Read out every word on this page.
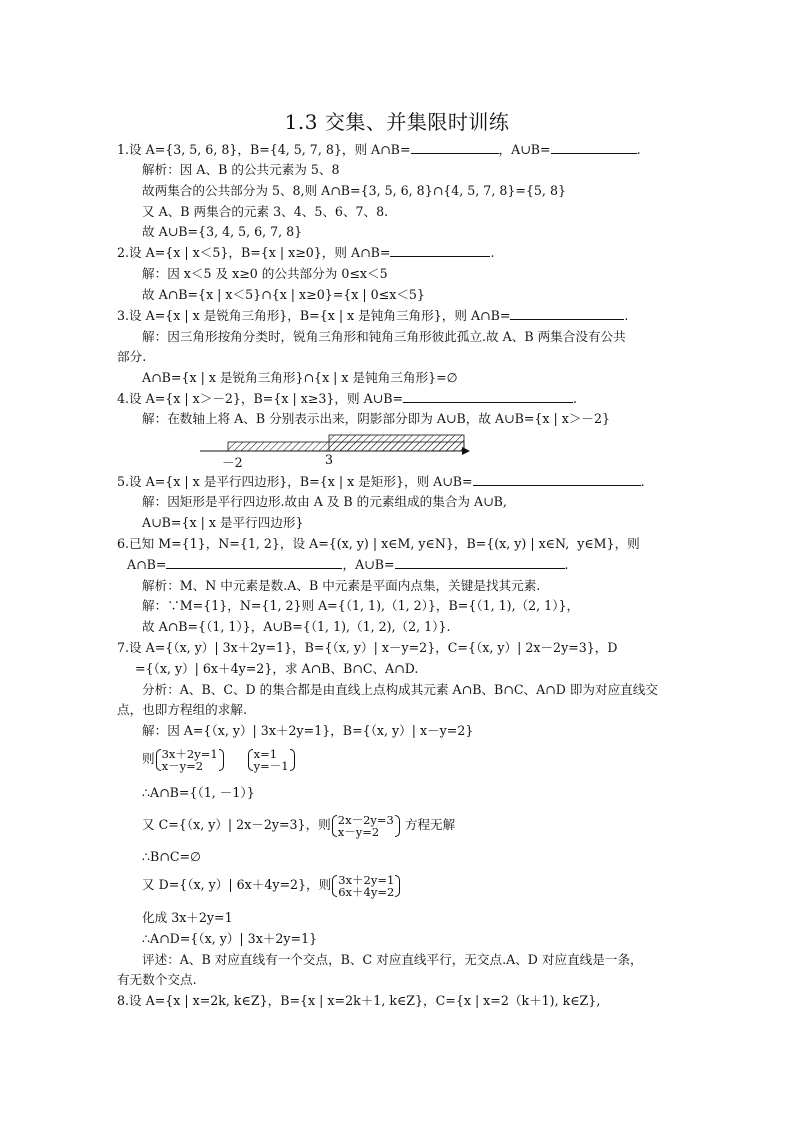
1.3 交集、并集限时训练
1.设 A={3, 5, 6, 8}，B={4, 5, 7, 8}，则 A∩B=	，A∪B=	.
解析：因 A、B 的公共元素为 5、8
故两集合的公共部分为 5、8,则 A∩B={3, 5, 6, 8}∩{4, 5, 7, 8}={5, 8}
又 A、B 两集合的元素 3、4、5、6、7、8.
故 A∪B={3, 4, 5, 6, 7, 8}
2.设 A={x | x＜5}，B={x | x≥0}，则 A∩B=	.
解：因 x＜5 及 x≥0 的公共部分为 0≤x＜5
故 A∩B={x | x＜5}∩{x | x≥0}={x | 0≤x＜5}
3.设 A={x | x 是锐角三角形}，B={x | x 是钝角三角形}，则 A∩B=	.
解：因三角形按角分类时，锐角三角形和钝角三角形彼此孤立.故 A、B 两集合没有公共
部分.
A∩B={x | x 是锐角三角形}∩{x | x 是钝角三角形}=∅
4.设 A={x | x＞－2}，B={x | x≥3}，则 A∪B=	.
解：在数轴上将 A、B 分别表示出来，阴影部分即为 A∪B，故 A∪B={x | x＞－2}
－2	3
5.设 A={x | x 是平行四边形}，B={x | x 是矩形}，则 A∪B=	.
解：因矩形是平行四边形.故由 A 及 B 的元素组成的集合为 A∪B,
A∪B={x | x 是平行四边形}
6.已知 M={1}，N={1, 2}，设 A={(x, y) | x∈M, y∈N}，B={(x, y) | x∈N,  y∈M}，则
A∩B=	，A∪B=	.
解析：M、N 中元素是数.A、B 中元素是平面内点集，关键是找其元素.
解：∵M={1}，N={1, 2}则 A={（1, 1),（1, 2）}，B={（1, 1),（2, 1）}，
故 A∩B={（1, 1）}，A∪B={（1, 1),（1, 2),（2, 1）}.
7.设 A={（x, y）| 3x＋2y=1}，B={（x, y）| x－y=2}，C={（x, y）| 2x－2y=3}，D
={（x, y）| 6x＋4y=2}，求 A∩B、B∩C、A∩D.
分析：A、B、C、D 的集合都是由直线上点构成其元素 A∩B、B∩C、A∩D 即为对应直线交
点，也即方程组的求解.
解：因 A={（x, y）| 3x＋2y=1}，B={（x, y）| x－y=2}
则 3x＋2y=1
x－y=2
x=1
y=－1
∴A∩B={（1, －1）}
又 C={（x, y）| 2x－2y=3}，则 2x－2y=3
x－y=2	方程无解
∴B∩C=∅
又 D={（x, y）| 6x＋4y=2}，则 3x＋2y=1
6x＋4y=2
化成 3x＋2y=1
∴A∩D={（x, y）| 3x＋2y=1}
评述：A、B 对应直线有一个交点，B、C 对应直线平行，无交点.A、D 对应直线是一条，
有无数个交点.
8.设 A={x | x=2k, k∈Z}，B={x | x=2k＋1, k∈Z}，C={x | x=2（k＋1), k∈Z},
